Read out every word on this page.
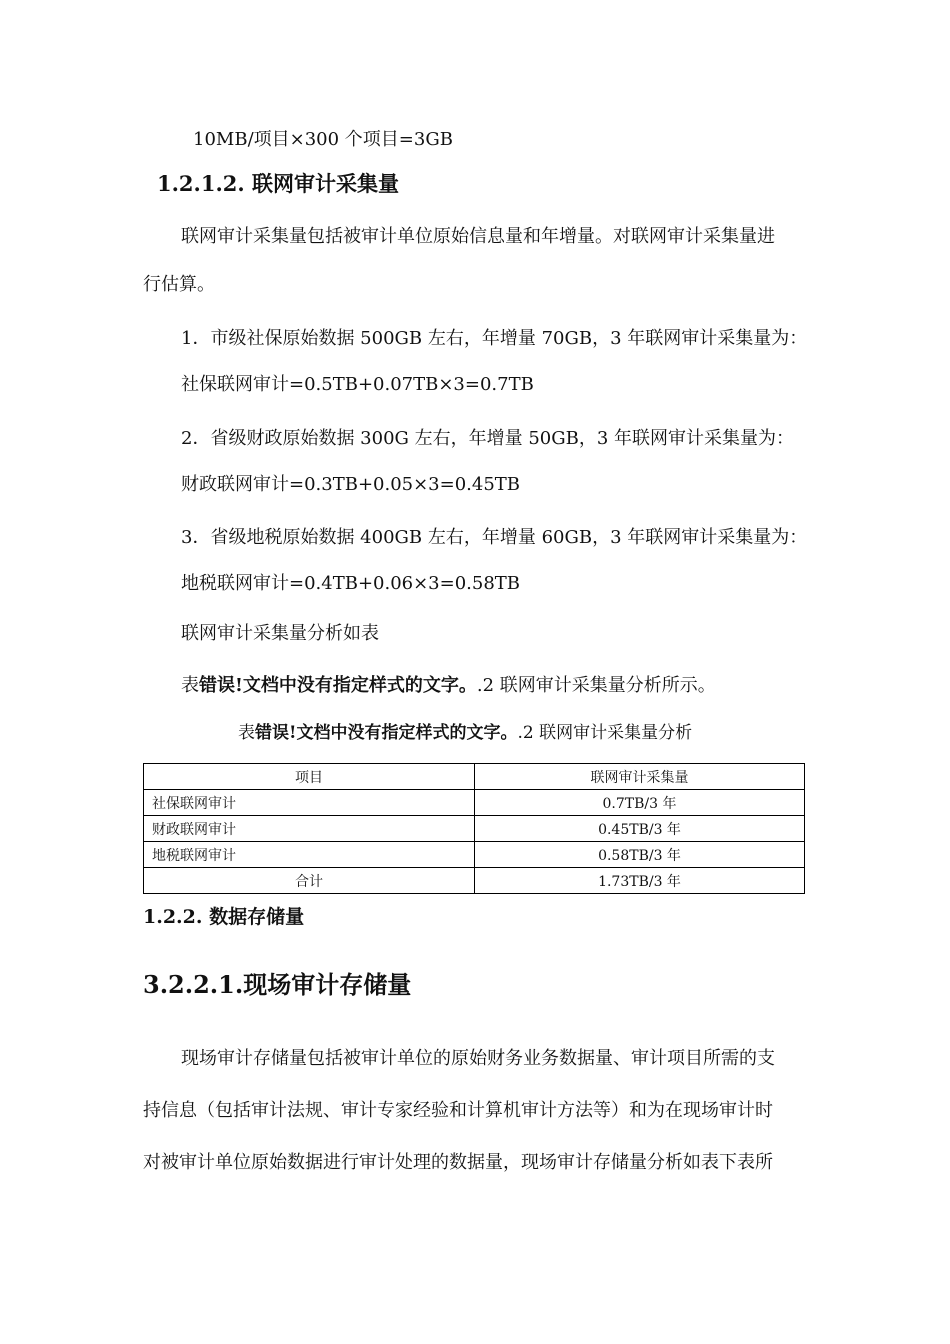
10MB/项目×300 个项目=3GB
1.2.1.2. 联网审计采集量
联网审计采集量包括被审计单位原始信息量和年增量。对联网审计采集量进
行估算。
1．市级社保原始数据 500GB 左右，年增量 70GB，3 年联网审计采集量为：
社保联网审计=0.5TB+0.07TB×3=0.7TB
2．省级财政原始数据 300G 左右，年增量 50GB，3 年联网审计采集量为：
财政联网审计=0.3TB+0.05×3=0.45TB
3．省级地税原始数据 400GB 左右，年增量 60GB，3 年联网审计采集量为：
地税联网审计=0.4TB+0.06×3=0.58TB
联网审计采集量分析如表
表错误!文档中没有指定样式的文字。.2 联网审计采集量分析所示。
表错误!文档中没有指定样式的文字。.2 联网审计采集量分析
项目	联网审计采集量
社保联网审计	0.7TB/3 年
财政联网审计	0.45TB/3 年
地税联网审计	0.58TB/3 年
合计	1.73TB/3 年
1.2.2. 数据存储量
3.2.2.1.现场审计存储量
现场审计存储量包括被审计单位的原始财务业务数据量、审计项目所需的支
持信息（包括审计法规、审计专家经验和计算机审计方法等）和为在现场审计时
对被审计单位原始数据进行审计处理的数据量，现场审计存储量分析如表下表所
